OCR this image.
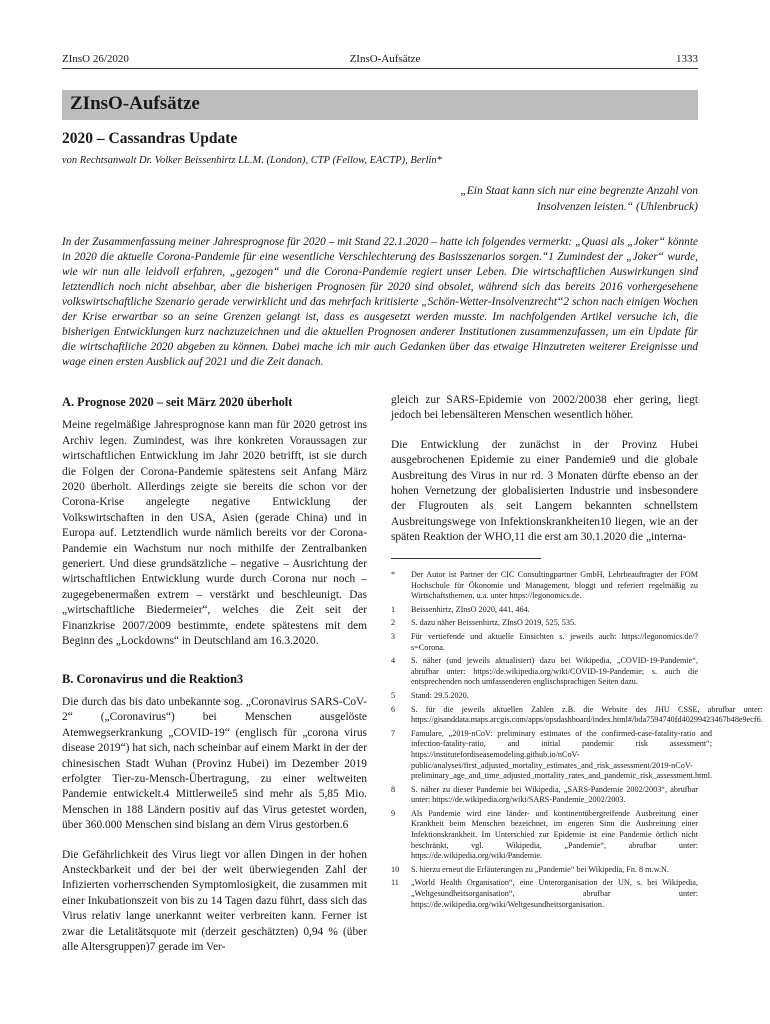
ZInsO 26/2020	ZInsO-Aufsätze	1333
ZInsO-Aufsätze
2020 – Cassandras Update
von Rechtsanwalt Dr. Volker Beissenhirtz LL.M. (London), CTP (Fellow, EACTP), Berlin*
„Ein Staat kann sich nur eine begrenzte Anzahl von Insolvenzen leisten.“ (Uhlenbruck)
In der Zusammenfassung meiner Jahresprognose für 2020 – mit Stand 22.1.2020 – hatte ich folgendes vermerkt: „Quasi als „Joker“ könnte in 2020 die aktuelle Corona-Pandemie für eine wesentliche Verschlechterung des Basisszenarios sorgen.“1 Zumindest der „Joker“ wurde, wie wir nun alle leidvoll erfahren, „gezogen“ und die Corona-Pandemie regiert unser Leben. Die wirtschaftlichen Auswirkungen sind letztendlich noch nicht absehbar, aber die bisherigen Prognosen für 2020 sind obsolet, während sich das bereits 2016 vorhergesehene volkswirtschaftliche Szenario gerade verwirklicht und das mehrfach kritisierte „Schön-Wetter-Insolvenzrecht“2 schon nach einigen Wochen der Krise erwartbar so an seine Grenzen gelangt ist, dass es ausgesetzt werden musste. Im nachfolgenden Artikel versuche ich, die bisherigen Entwicklungen kurz nachzuzeichnen und die aktuellen Prognosen anderer Institutionen zusammenzufassen, um ein Update für die wirtschaftliche 2020 abgeben zu können. Dabei mache ich mir auch Gedanken über das etwaige Hinzutreten weiterer Ereignisse und wage einen ersten Ausblick auf 2021 und die Zeit danach.

A. Prognose 2020 – seit März 2020 überholt

Meine regelmäßige Jahresprognose kann man für 2020 getrost ins Archiv legen. Zumindest, was ihre konkreten Voraussagen zur wirtschaftlichen Entwicklung im Jahr 2020 betrifft, ist sie durch die Folgen der Corona-Pandemie spätestens seit Anfang März 2020 überholt. Allerdings zeigte sie bereits die schon vor der Corona-Krise angelegte negative Entwicklung der Volkswirtschaften in den USA, Asien (gerade China) und in Europa auf. Letztendlich wurde nämlich bereits vor der Corona-Pandemie ein Wachstum nur noch mithilfe der Zentralbanken generiert. Und diese grundsätzliche – negative – Ausrichtung der wirtschaftlichen Entwicklung wurde durch Corona nur noch – zugegebenermaßen extrem – verstärkt und beschleunigt. Das „wirtschaftliche Biedermeier“, welches die Zeit seit der Finanzkrise 2007/2009 bestimmte, endete spätestens mit dem Beginn des „Lockdowns“ in Deutschland am 16.3.2020.

B. Coronavirus und die Reaktion3

Die durch das bis dato unbekannte sog. „Coronavirus SARS-CoV-2“ („Coronavirus“) bei Menschen ausgelöste Atemwegserkrankung „COVID-19“ (englisch für „corona virus disease 2019“) hat sich, nach scheinbar auf einem Markt in der der chinesischen Stadt Wuhan (Provinz Hubei) im Dezember 2019 erfolgter Tier-zu-Mensch-Übertragung, zu einer weltweiten Pandemie entwickelt.4 Mittlerweile5 sind mehr als 5,85 Mio. Menschen in 188 Ländern positiv auf das Virus getestet worden, über 360.000 Menschen sind bislang an dem Virus gestorben.6

Die Gefährlichkeit des Virus liegt vor allen Dingen in der hohen Ansteckbarkeit und der bei der weit überwiegenden Zahl der Infizierten vorherrschenden Symptomlosigkeit, die zusammen mit einer Inkubationszeit von bis zu 14 Tagen dazu führt, dass sich das Virus relativ lange unerkannt weiter verbreiten kann. Ferner ist zwar die Letalitätsquote mit (derzeit geschätzten) 0,94 % (über alle Altersgruppen)7 gerade im Ver-

gleich zur SARS-Epidemie von 2002/20038 eher gering, liegt jedoch bei lebensälteren Menschen wesentlich höher.

Die Entwicklung der zunächst in der Provinz Hubei ausgebrochenen Epidemie zu einer Pandemie9 und die globale Ausbreitung des Virus in nur rd. 3 Monaten dürfte ebenso an der hohen Vernetzung der globalisierten Industrie und insbesondere der Flugrouten als seit Langem bekannten schnellstem Ausbreitungswege von Infektionskrankheiten10 liegen, wie an der späten Reaktion der WHO,11 die erst am 30.1.2020 die „interna-

*	Der Autor ist Partner der CIC Consultingpartner GmbH, Lehrbeauftragter der FOM Hochschule für Ökonomie und Management, bloggt und referiert regelmäßig zu Wirtschaftsthemen, u.a. unter https://legonomics.de.
1	Beissenhirtz, ZInsO 2020, 441, 464.
2	S. dazu näher Beissenhirtz, ZInsO 2019, 525, 535.
3	Für vertiefende und aktuelle Einsichten s. jeweils auch: https://legonomics.de/?s=Corona.
4	S. näher (und jeweils aktualisiert) dazu bei Wikipedia, „COVID-19-Pandemie“, abrufbar unter: https://de.wikipedia.org/wiki/COVID-19-Pandemie; s. auch die entsprechenden noch umfassenderen englischsprachigen Seiten dazu.
5	Stand: 29.5.2020.
6	S. für die jeweils aktuellen Zahlen z.B. die Website des JHU CSSE, abrufbar unter: https://gisanddata.maps.arcgis.com/apps/opsdashboard/index.html#/bda7594740fd40299423467b48e9ecf6.
7	Famulare, „2019-nCoV: preliminary estimates of the confirmed-case-fatality-ratio and infection-fatality-ratio, and initial pandemic risk assessment“; https://institutefordiseasemodeling.github.io/nCoV-public/analyses/first_adjusted_mortality_estimates_and_risk_assessment/2019-nCoV-preliminary_age_and_time_adjusted_mortality_rates_and_pandemic_risk_assessment.html.
8	S. näher zu dieser Pandemie bei Wikipedia, „SARS-Pandemie 2002/2003“, abrufbar unter: https://de.wikipedia.org/wiki/SARS-Pandemie_2002/2003.
9	Als Pandemie wird eine länder- und kontinentübergreifende Ausbreitung einer Krankheit beim Menschen bezeichnet, im engeren Sinn die Ausbreitung einer Infektionskrankheit. Im Unterschied zur Epidemie ist eine Pandemie örtlich nicht beschränkt, vgl. Wikipedia, „Pandemie“, abrufbar unter: https://de.wikipedia.org/wiki/Pandemie.
10	S. hierzu erneut die Erläuterungen zu „Pandemie“ bei Wikipedia, Fn. 8 m.w.N.
11	„World Health Organisation“, eine Unterorganisation der UN, s. bei Wikipedia, „Weltgesundheitsorganisation“, abrufbar unter: https://de.wikipedia.org/wiki/Weltgesundheitsorganisation.
